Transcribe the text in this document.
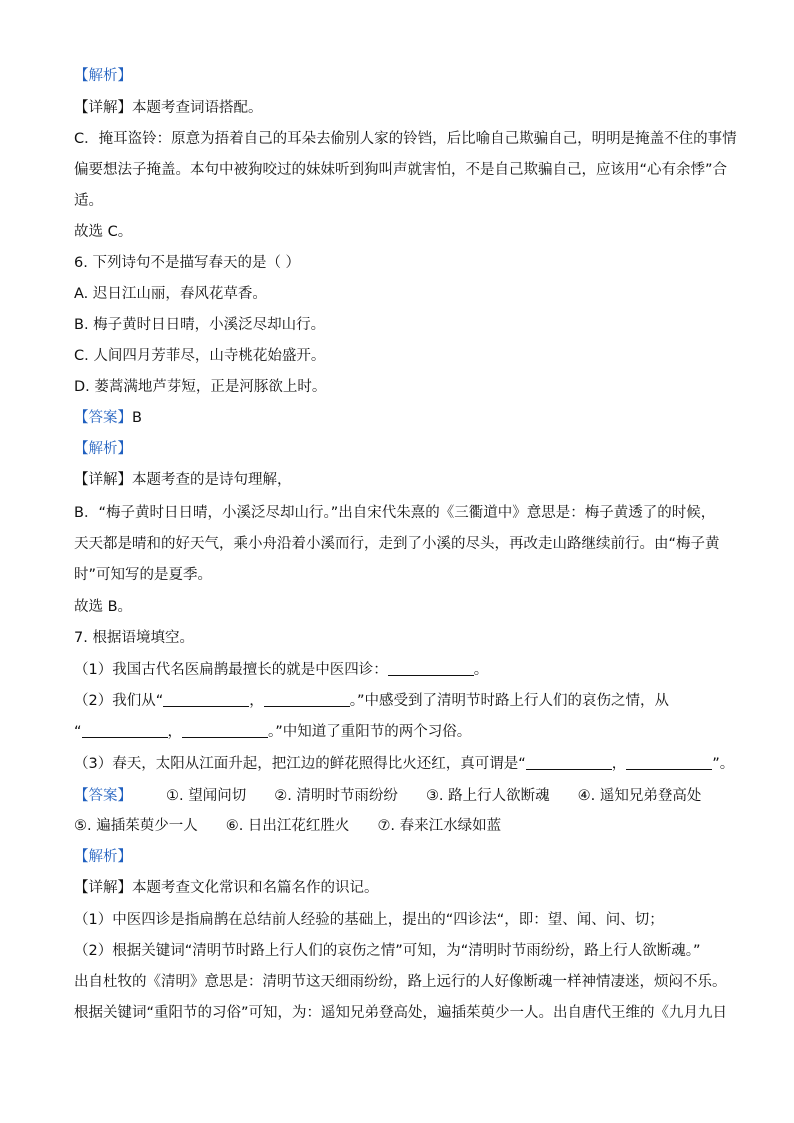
【解析】
【详解】本题考查词语搭配。
C．掩耳盗铃：原意为捂着自己的耳朵去偷别人家的铃铛，后比喻自己欺骗自己，明明是掩盖不住的事情
偏要想法子掩盖。本句中被狗咬过的妹妹听到狗叫声就害怕，不是自己欺骗自己，应该用“心有余悸”合
适。
故选 C。
6. 下列诗句不是描写春天的是（ ）
A. 迟日江山丽，春风花草香。
B. 梅子黄时日日晴，小溪泛尽却山行。
C. 人间四月芳菲尽，山寺桃花始盛开。
D. 蒌蒿满地芦芽短，正是河豚欲上时。
【答案】B
【解析】
【详解】本题考查的是诗句理解，
B．“梅子黄时日日晴，小溪泛尽却山行。”出自宋代朱熹的《三衢道中》意思是：梅子黄透了的时候，
天天都是晴和的好天气，乘小舟沿着小溪而行，走到了小溪的尽头，再改走山路继续前行。由“梅子黄
时”可知写的是夏季。
故选 B。
7. 根据语境填空。
（1）我国古代名医扁鹊最擅长的就是中医四诊：	。
（2）我们从“	，	。”中感受到了清明节时路上行人们的哀伤之情，从
“	，	。”中知道了重阳节的两个习俗。
（3）春天，太阳从江面升起，把江边的鲜花照得比火还红，真可谓是“	，	”。
【答案】 ①. 望闻问切 ②. 清明时节雨纷纷 ③. 路上行人欲断魂 ④. 遥知兄弟登高处
⑤. 遍插茱萸少一人 ⑥. 日出江花红胜火 ⑦. 春来江水绿如蓝
【解析】
【详解】本题考查文化常识和名篇名作的识记。
（1）中医四诊是指扁鹊在总结前人经验的基础上，提出的“四诊法“，即：望、闻、问、切；
（2）根据关键词“清明节时路上行人们的哀伤之情”可知，为“清明时节雨纷纷，路上行人欲断魂。”
出自杜牧的《清明》意思是：清明节这天细雨纷纷，路上远行的人好像断魂一样神情凄迷，烦闷不乐。
根据关键词“重阳节的习俗”可知，为：遥知兄弟登高处，遍插茱萸少一人。出自唐代王维的《九月九日
